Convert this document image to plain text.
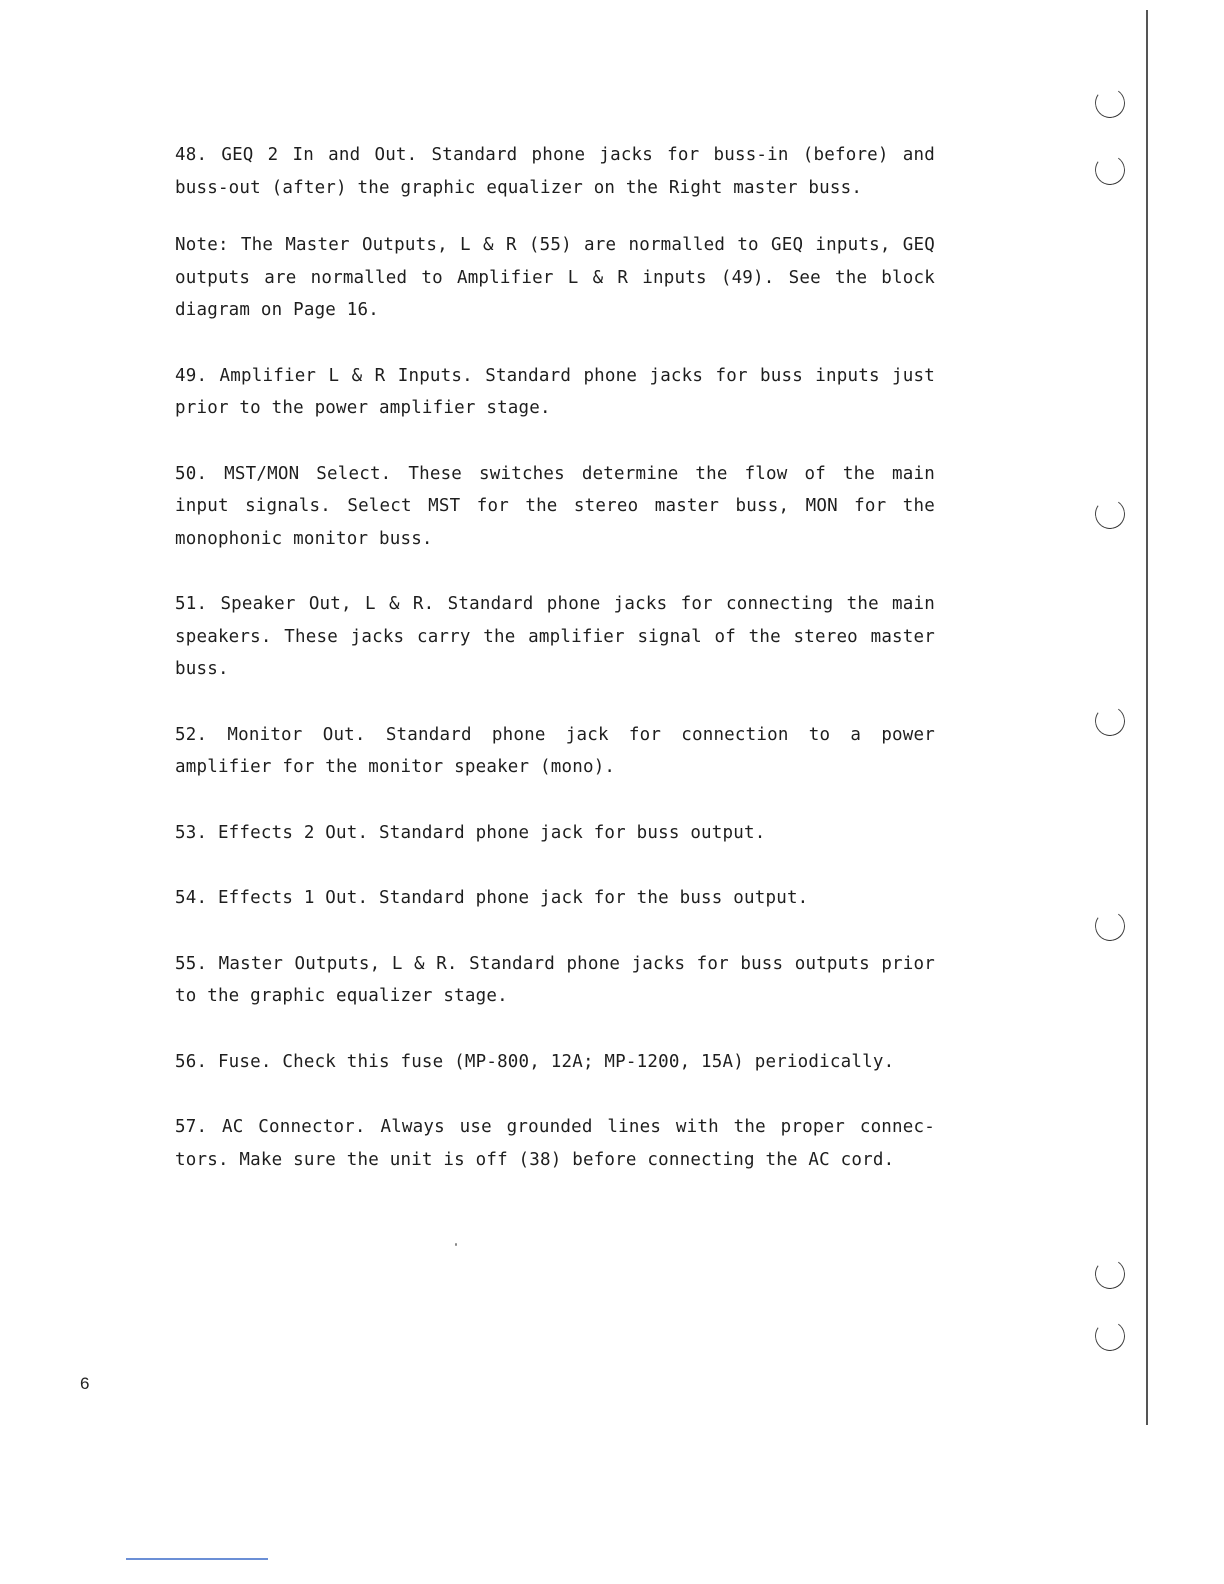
48. GEQ 2 In and Out. Standard phone jacks for buss-in (before) and buss-out (after) the graphic equalizer on the Right master buss.

Note: The Master Outputs, L & R (55) are normalled to GEQ inputs, GEQ outputs are normalled to Amplifier L & R inputs (49). See the block diagram on Page 16.

49. Amplifier L & R Inputs. Standard phone jacks for buss inputs just prior to the power amplifier stage.

50. MST/MON Select. These switches determine the flow of the main input signals. Select MST for the stereo master buss, MON for the monophonic monitor buss.

51. Speaker Out, L & R. Standard phone jacks for connecting the main speakers. These jacks carry the amplifier signal of the stereo master buss.

52. Monitor Out. Standard phone jack for connection to a power amplifier for the monitor speaker (mono).

53. Effects 2 Out. Standard phone jack for buss output.

54. Effects 1 Out. Standard phone jack for the buss output.

55. Master Outputs, L & R. Standard phone jacks for buss outputs prior to the graphic equalizer stage.

56. Fuse. Check this fuse (MP-800, 12A; MP-1200, 15A) periodically.

57. AC Connector. Always use grounded lines with the proper connec- tors. Make sure the unit is off (38) before connecting the AC cord.

6
